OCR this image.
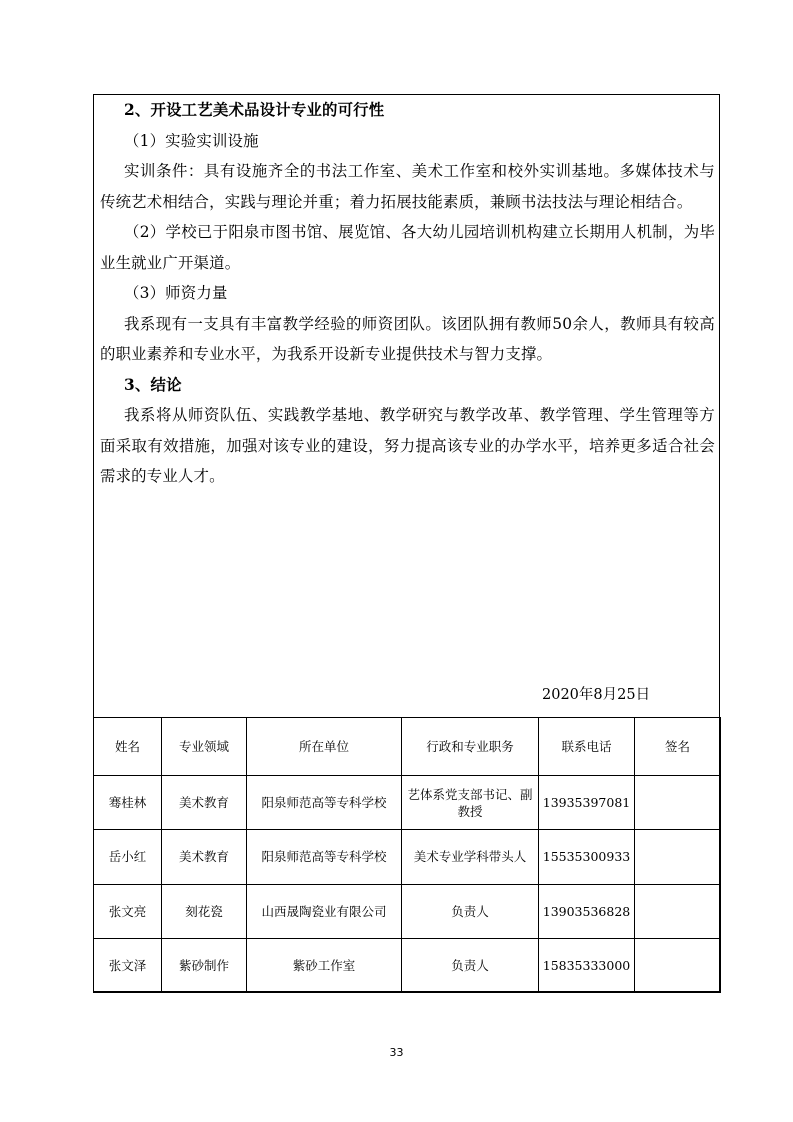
2、开设工艺美术品设计专业的可行性

（1）实验实训设施

实训条件：具有设施齐全的书法工作室、美术工作室和校外实训基地。多媒体技术与传统艺术相结合，实践与理论并重；着力拓展技能素质，兼顾书法技法与理论相结合。

（2）学校已于阳泉市图书馆、展览馆、各大幼儿园培训机构建立长期用人机制，为毕业生就业广开渠道。

（3）师资力量

我系现有一支具有丰富教学经验的师资团队。该团队拥有教师50余人，教师具有较高的职业素养和专业水平，为我系开设新专业提供技术与智力支撑。

3、结论

我系将从师资队伍、实践教学基地、教学研究与教学改革、教学管理、学生管理等方面采取有效措施，加强对该专业的建设，努力提高该专业的办学水平，培养更多适合社会需求的专业人才。

2020年8月25日
姓名	专业领域	所在单位	行政和专业职务	联系电话	签名
骞桂林	美术教育	阳泉师范高等专科学校	艺体系党支部书记、副教授	13935397081	
岳小红	美术教育	阳泉师范高等专科学校	美术专业学科带头人	15535300933	
张文亮	刻花瓷	山西晟陶瓷业有限公司	负责人	13903536828	
张文泽	紫砂制作	紫砂工作室	负责人	15835333000	
33
